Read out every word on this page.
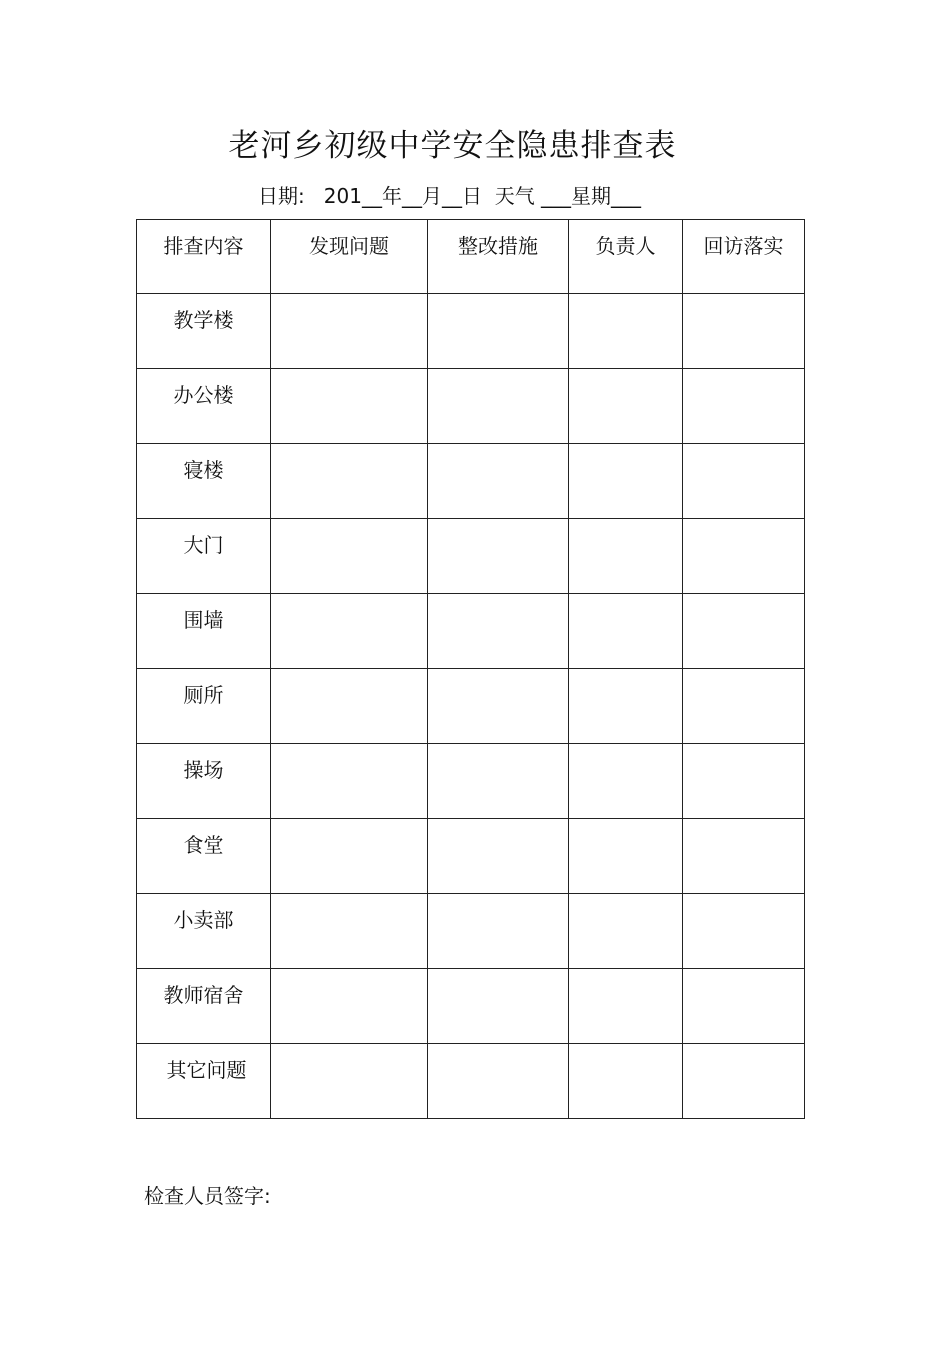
老河乡初级中学安全隐患排查表
日期:   201__年__月__日  天气 ___星期___
排查内容	发现问题	整改措施	负责人	回访落实

教学楼				

办公楼				

寝楼				

大门				

围墙				

厕所				

操场				

食堂				

小卖部				

教师宿舍				

其它问题				

检查人员签字:
